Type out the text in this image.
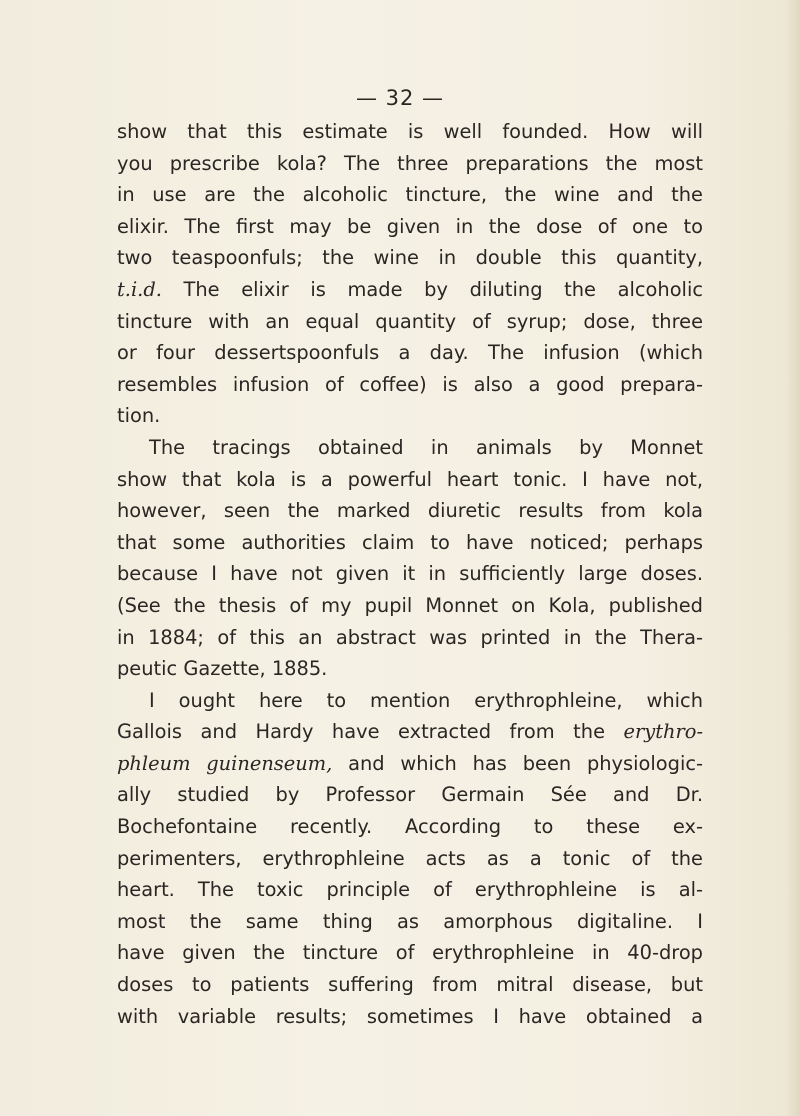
— 32 —
show that this estimate is well founded. How will
you prescribe kola? The three preparations the most
in use are the alcoholic tincture, the wine and the
elixir. The first may be given in the dose of one to
two teaspoonfuls; the wine in double this quantity,
t.i.d. The elixir is made by diluting the alcoholic
tincture with an equal quantity of syrup; dose, three
or four dessertspoonfuls a day. The infusion (which
resembles infusion of coffee) is also a good prepara-
tion.
The tracings obtained in animals by Monnet
show that kola is a powerful heart tonic. I have not,
however, seen the marked diuretic results from kola
that some authorities claim to have noticed; perhaps
because I have not given it in sufficiently large doses.
(See the thesis of my pupil Monnet on Kola, published
in 1884; of this an abstract was printed in the Thera-
peutic Gazette, 1885.
I ought here to mention erythrophleine, which
Gallois and Hardy have extracted from the erythro-
phleum guinenseum, and which has been physiologic-
ally studied by Professor Germain Sée and Dr.
Bochefontaine recently. According to these ex-
perimenters, erythrophleine acts as a tonic of the
heart. The toxic principle of erythrophleine is al-
most the same thing as amorphous digitaline. I
have given the tincture of erythrophleine in 40-drop
doses to patients suffering from mitral disease, but
with variable results; sometimes I have obtained a
